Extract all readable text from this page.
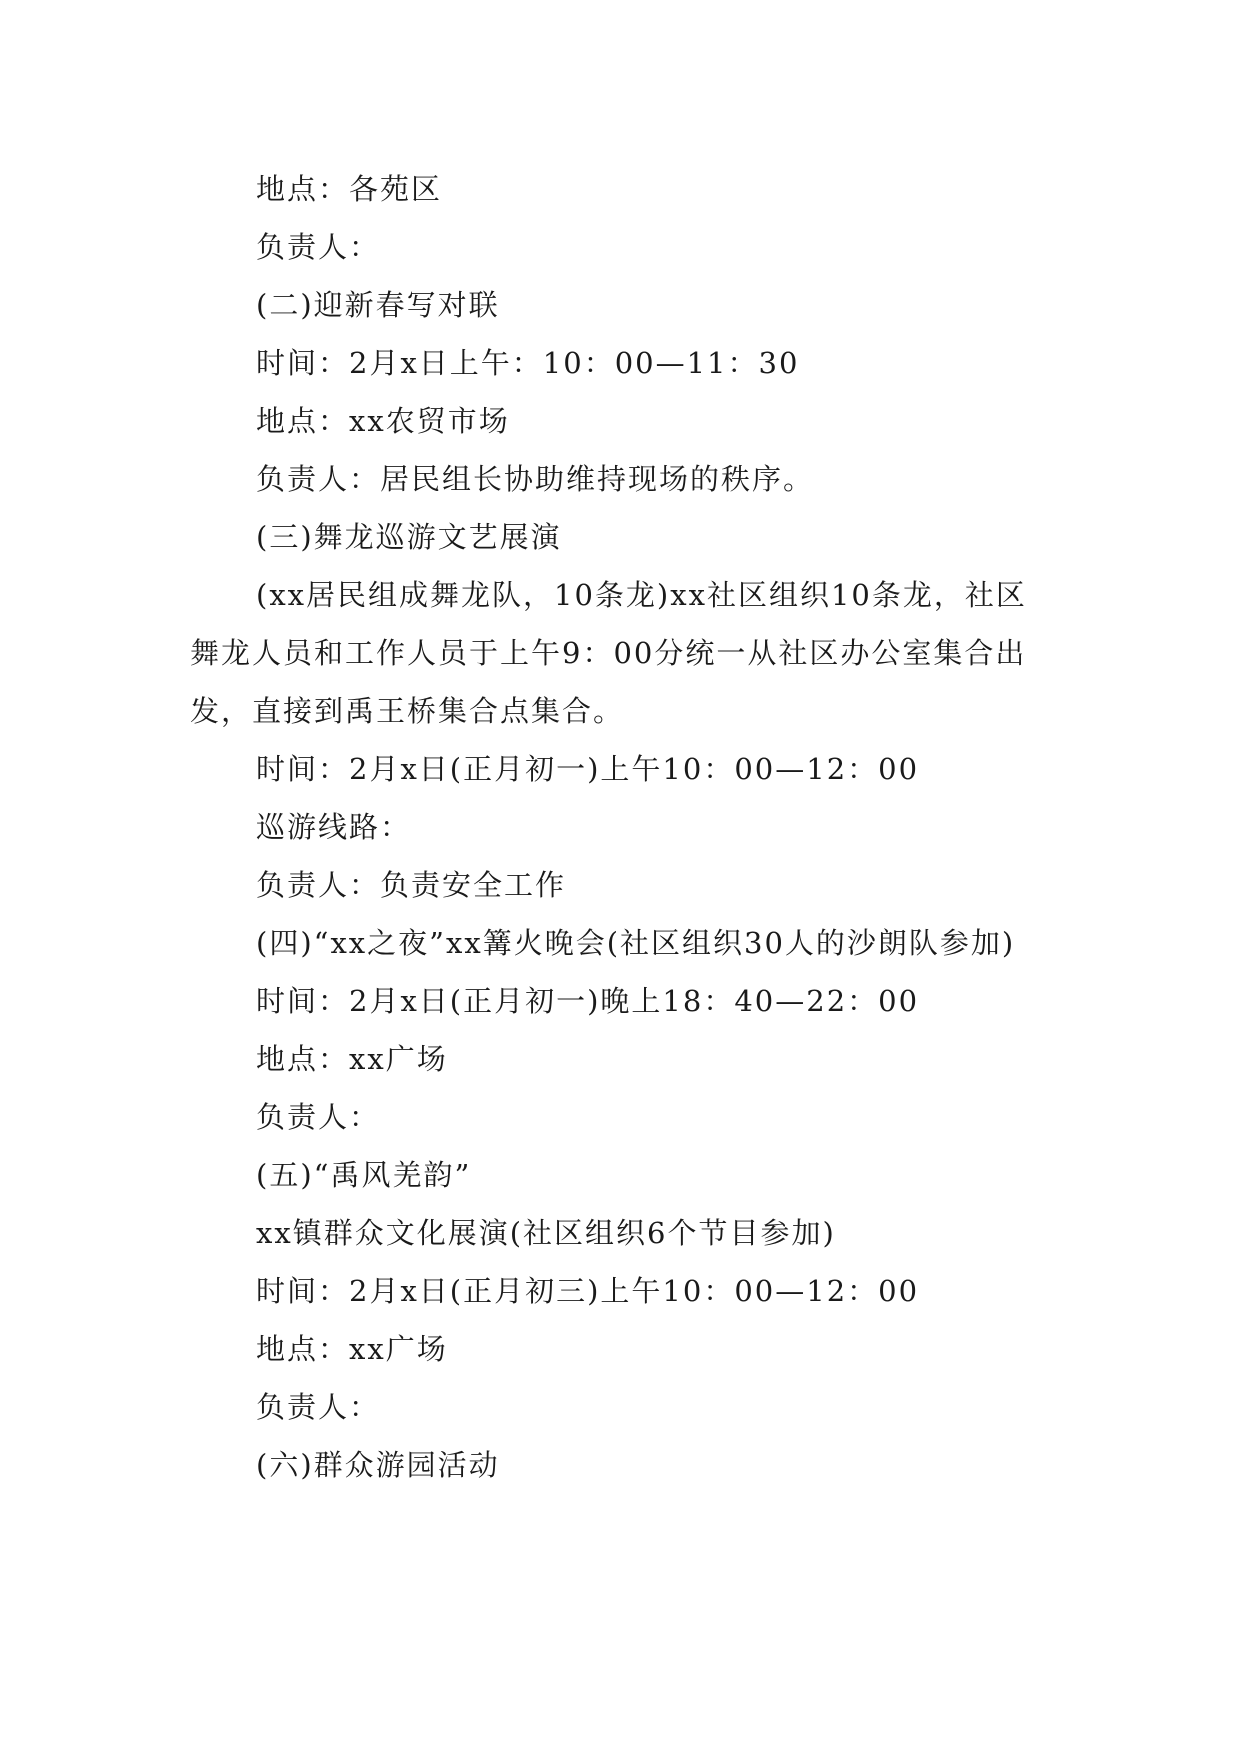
地点：各苑区

负责人：

(二)迎新春写对联

时间：2月x日上午：10：00—11：30

地点：xx农贸市场

负责人：居民组长协助维持现场的秩序。

(三)舞龙巡游文艺展演

(xx居民组成舞龙队，10条龙)xx社区组织10条龙，社区舞龙人员和工作人员于上午9：00分统一从社区办公室集合出发，直接到禹王桥集合点集合。

时间：2月x日(正月初一)上午10：00—12：00

巡游线路：

负责人：负责安全工作

(四)“xx之夜”xx篝火晚会(社区组织30人的沙朗队参加)

时间：2月x日(正月初一)晚上18：40—22：00

地点：xx广场

负责人：

(五)“禹风羌韵”

xx镇群众文化展演(社区组织6个节目参加)

时间：2月x日(正月初三)上午10：00—12：00

地点：xx广场

负责人：

(六)群众游园活动
